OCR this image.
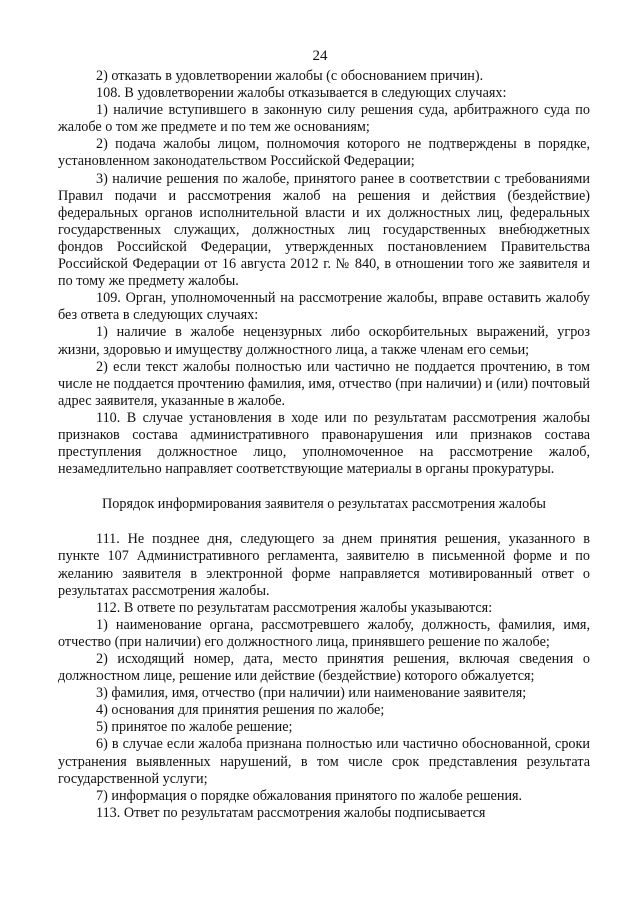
24

2) отказать в удовлетворении жалобы (с обоснованием причин).

108. В удовлетворении жалобы отказывается в следующих случаях:

1) наличие вступившего в законную силу решения суда, арбитражного суда по жалобе о том же предмете и по тем же основаниям;

2) подача жалобы лицом, полномочия которого не подтверждены в порядке, установленном законодательством Российской Федерации;

3) наличие решения по жалобе, принятого ранее в соответствии с требованиями Правил подачи и рассмотрения жалоб на решения и действия (бездействие) федеральных органов исполнительной власти и их должностных лиц, федеральных государственных служащих, должностных лиц государственных внебюджетных фондов Российской Федерации, утвержденных постановлением Правительства Российской Федерации от 16 августа 2012 г. № 840, в отношении того же заявителя и по тому же предмету жалобы.

109. Орган, уполномоченный на рассмотрение жалобы, вправе оставить жалобу без ответа в следующих случаях:

1) наличие в жалобе нецензурных либо оскорбительных выражений, угроз жизни, здоровью и имуществу должностного лица, а также членам его семьи;

2) если текст жалобы полностью или частично не поддается прочтению, в том числе не поддается прочтению фамилия, имя, отчество (при наличии) и (или) почтовый адрес заявителя, указанные в жалобе.

110. В случае установления в ходе или по результатам рассмотрения жалобы признаков состава административного правонарушения или признаков состава преступления должностное лицо, уполномоченное на рассмотрение жалоб, незамедлительно направляет соответствующие материалы в органы прокуратуры.

Порядок информирования заявителя о результатах рассмотрения жалобы

111. Не позднее дня, следующего за днем принятия решения, указанного в пункте 107 Административного регламента, заявителю в письменной форме и по желанию заявителя в электронной форме направляется мотивированный ответ о результатах рассмотрения жалобы.

112. В ответе по результатам рассмотрения жалобы указываются:

1) наименование органа, рассмотревшего жалобу, должность, фамилия, имя, отчество (при наличии) его должностного лица, принявшего решение по жалобе;

2) исходящий номер, дата, место принятия решения, включая сведения о должностном лице, решение или действие (бездействие) которого обжалуется;

3) фамилия, имя, отчество (при наличии) или наименование заявителя;

4) основания для принятия решения по жалобе;

5) принятое по жалобе решение;

6) в случае если жалоба признана полностью или частично обоснованной, сроки устранения выявленных нарушений, в том числе срок представления результата государственной услуги;

7) информация о порядке обжалования принятого по жалобе решения.

113. Ответ по результатам рассмотрения жалобы подписывается
